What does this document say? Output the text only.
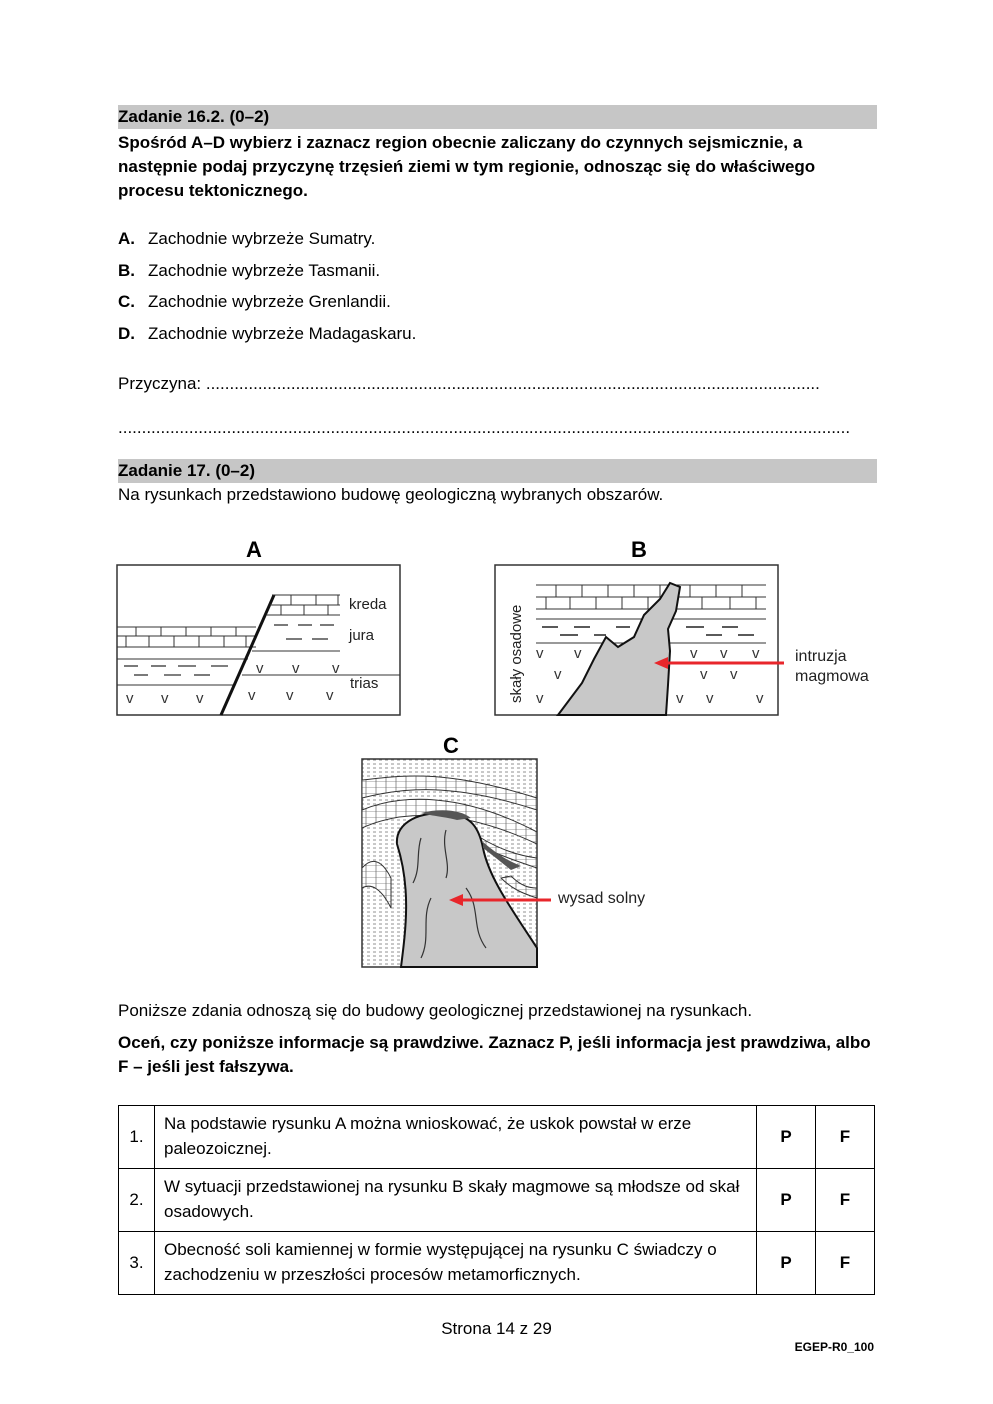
Zadanie 16.2. (0–2)
Spośród A–D wybierz i zaznacz region obecnie zaliczany do czynnych sejsmicznie, a następnie podaj przyczynę trzęsień ziemi w tym regionie, odnosząc się do właściwego procesu tektonicznego.
A. Zachodnie wybrzeże Sumatry.
B. Zachodnie wybrzeże Tasmanii.
C. Zachodnie wybrzeże Grenlandii.
D. Zachodnie wybrzeże Madagaskaru.
Przyczyna: ..................................................................................................................................
...........................................................................................................................................................
Zadanie 17. (0–2)
Na rysunkach przedstawiono budowę geologiczną wybranych obszarów.
A
v v v
v v v
v v v
kreda
jura
trias
B
v v	v v v
v	v v
v	v v	v
skały osadowe	intruzja
magmowa
C
wysad solny
Poniższe zdania odnoszą się do budowy geologicznej przedstawionej na rysunkach.
Oceń, czy poniższe informacje są prawdziwe. Zaznacz P, jeśli informacja jest prawdziwa, albo F – jeśli jest fałszywa.
1.	Na podstawie rysunku A można wnioskować, że uskok powstał w erze paleozoicznej.	P	F
2.	W sytuacji przedstawionej na rysunku B skały magmowe są młodsze od skał osadowych.	P	F
3.	Obecność soli kamiennej w formie występującej na rysunku C świadczy o zachodzeniu w przeszłości procesów metamorficznych.	P	F
Strona 14 z 29
EGEP-R0_100
